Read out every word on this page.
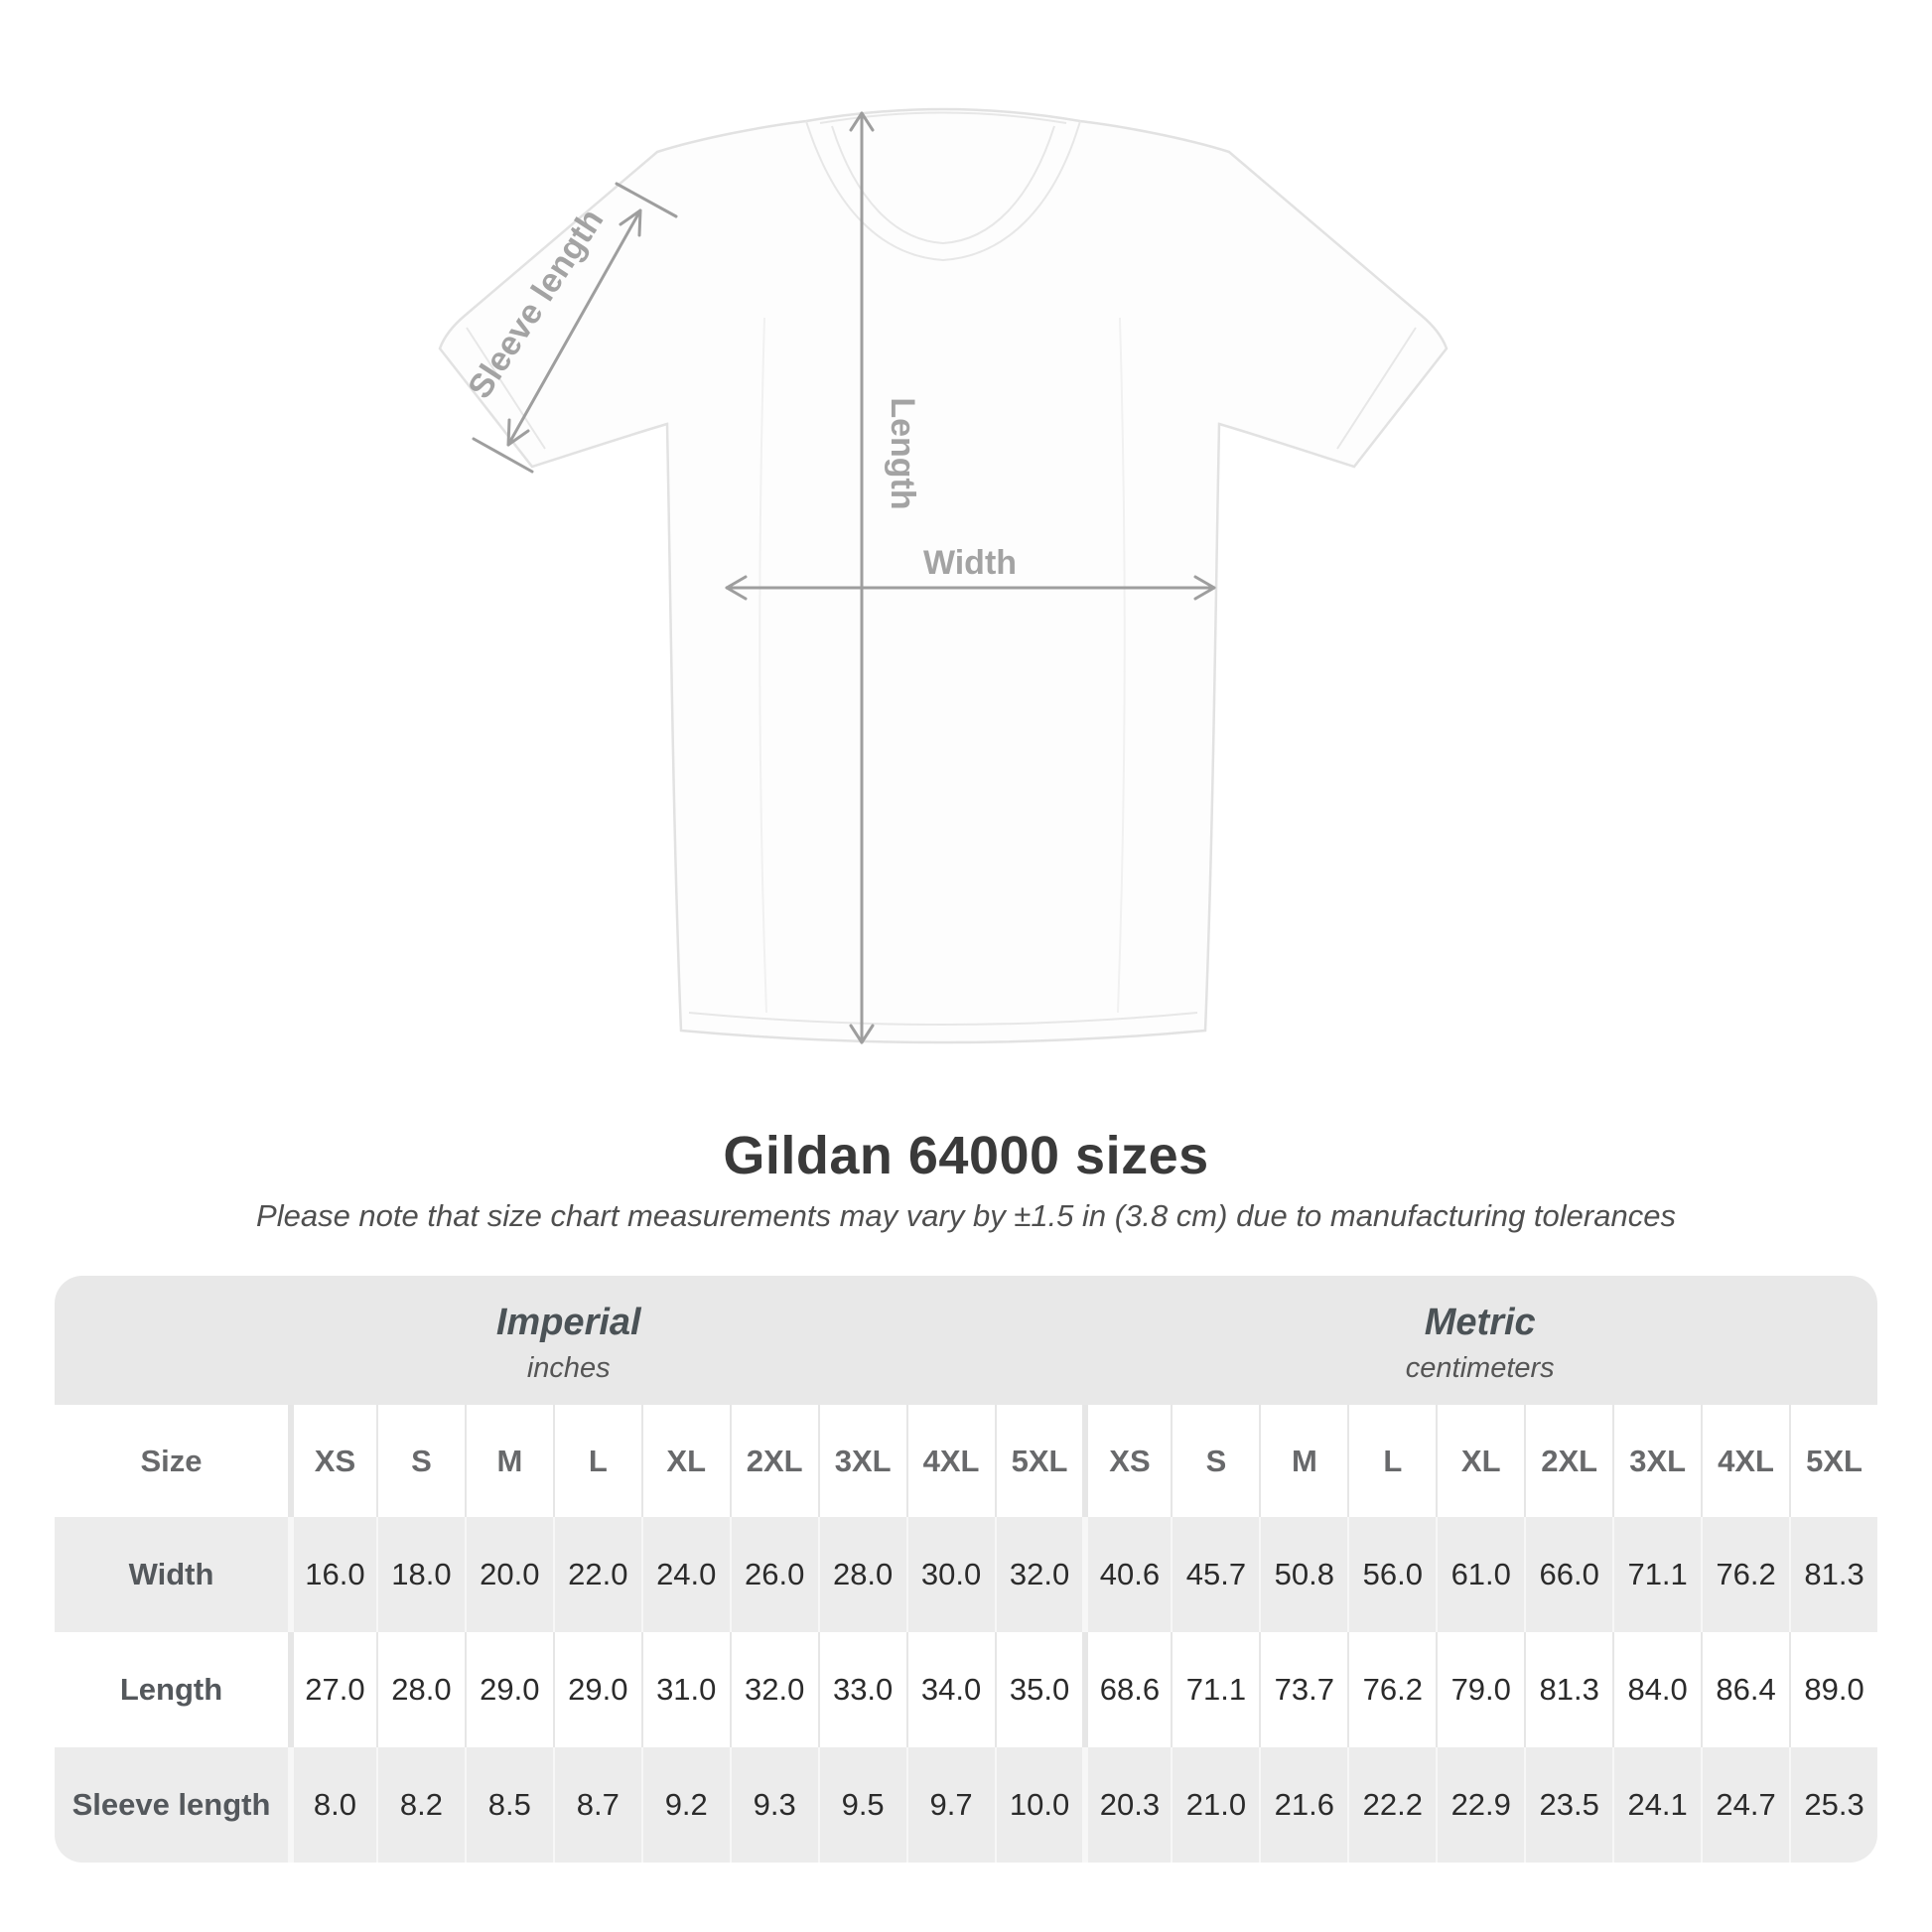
Length
Width
Sleeve length
Gildan 64000 sizes
Please note that size chart measurements may vary by ±1.5 in (3.8 cm) due to manufacturing tolerances
Imperial
inches
Metric
centimeters
Size	XS	S	M	L	XL	2XL	3XL	4XL	5XL	XS	S	M	L	XL	2XL	3XL	4XL	5XL
Width	16.0 18.0 20.0 22.0 24.0 26.0 28.0 30.0 32.0 40.6 45.7 50.8 56.0 61.0 66.0 71.1 76.2 81.3
Length	27.0 28.0 29.0 29.0 31.0 32.0 33.0 34.0 35.0 68.6 71.1 73.7 76.2 79.0 81.3 84.0 86.4 89.0
Sleeve length	8.0	8.2	8.5	8.7	9.2	9.3	9.5	9.7	10.0 20.3 21.0 21.6 22.2 22.9 23.5 24.1 24.7 25.3
